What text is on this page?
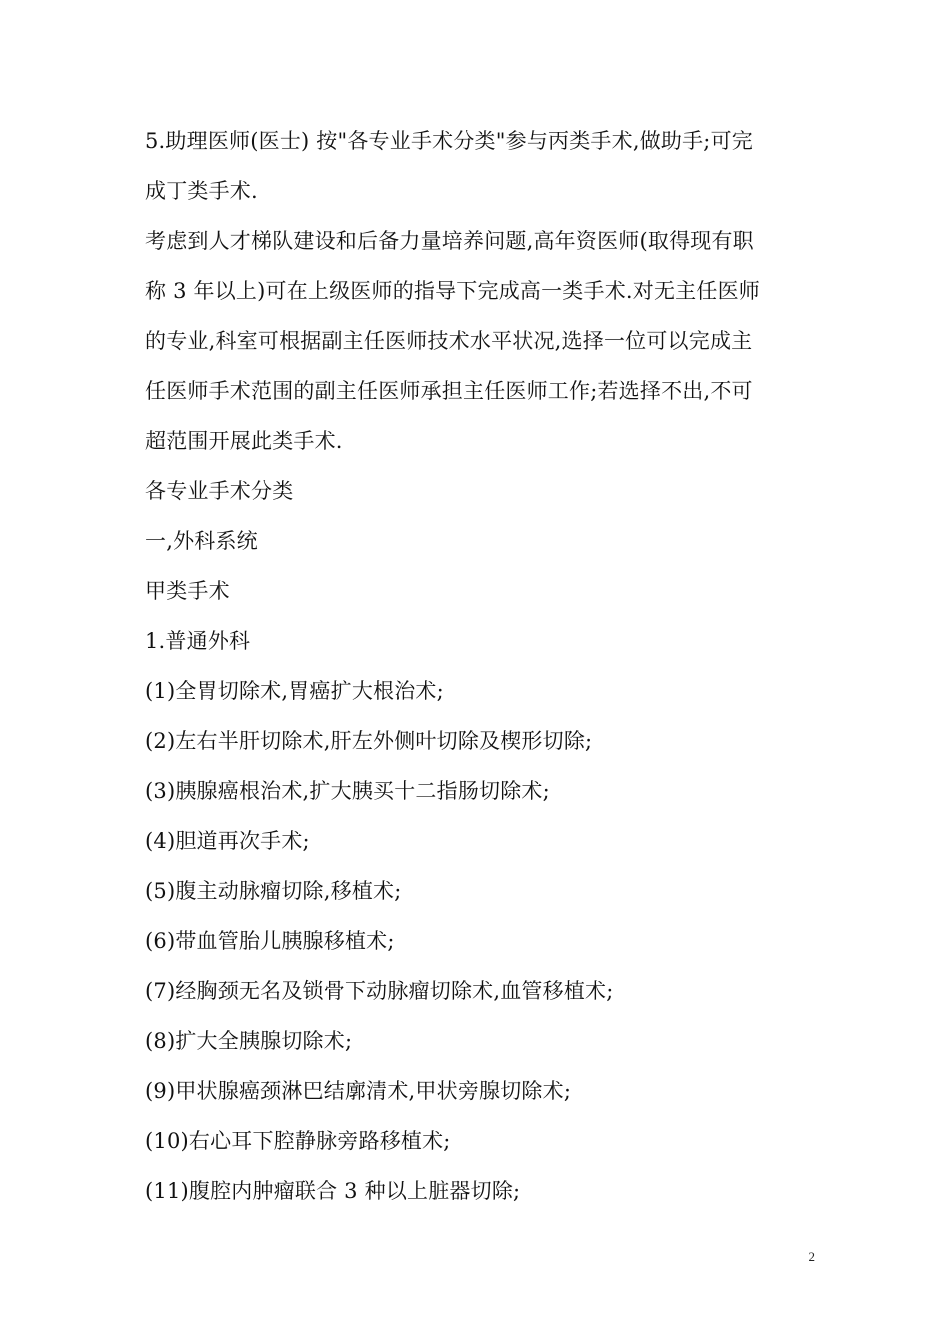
5.助理医师(医士) 按"各专业手术分类"参与丙类手术,做助手;可完
成丁类手术.
考虑到人才梯队建设和后备力量培养问题,高年资医师(取得现有职
称 3 年以上)可在上级医师的指导下完成高一类手术.对无主任医师
的专业,科室可根据副主任医师技术水平状况,选择一位可以完成主
任医师手术范围的副主任医师承担主任医师工作;若选择不出,不可
超范围开展此类手术.
各专业手术分类
一,外科系统
甲类手术
1.普通外科
(1)全胃切除术,胃癌扩大根治术;
(2)左右半肝切除术,肝左外侧叶切除及楔形切除;
(3)胰腺癌根治术,扩大胰买十二指肠切除术;
(4)胆道再次手术;
(5)腹主动脉瘤切除,移植术;
(6)带血管胎儿胰腺移植术;
(7)经胸颈无名及锁骨下动脉瘤切除术,血管移植术;
(8)扩大全胰腺切除术;
(9)甲状腺癌颈淋巴结廓清术,甲状旁腺切除术;
(10)右心耳下腔静脉旁路移植术;
(11)腹腔内肿瘤联合 3 种以上脏器切除;
2
